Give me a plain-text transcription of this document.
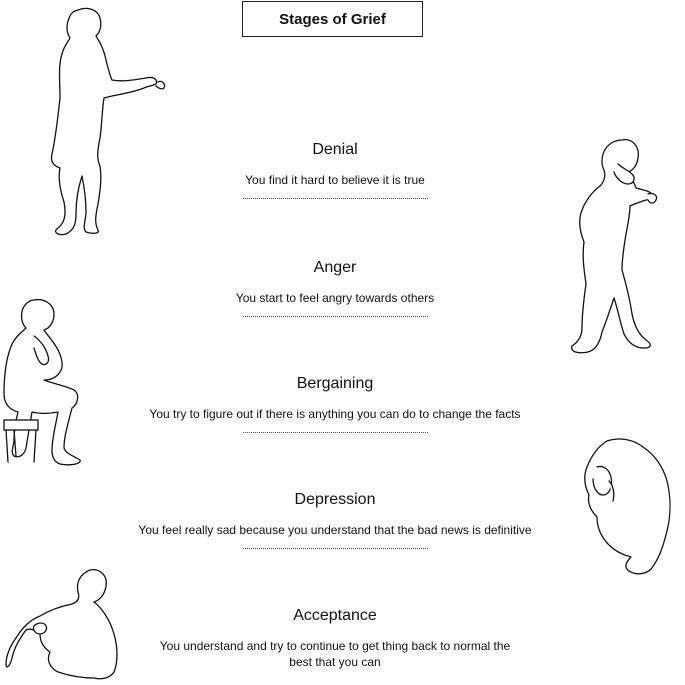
Stages of Grief
Denial
You find it hard to believe it is true
Anger
You start to feel angry towards others
Bergaining
You try to figure out if there is anything you can do to change the facts
Depression
You feel really sad because you understand that the bad news is definitive
Acceptance
You understand and try to continue to get thing back to normal the best that you can
